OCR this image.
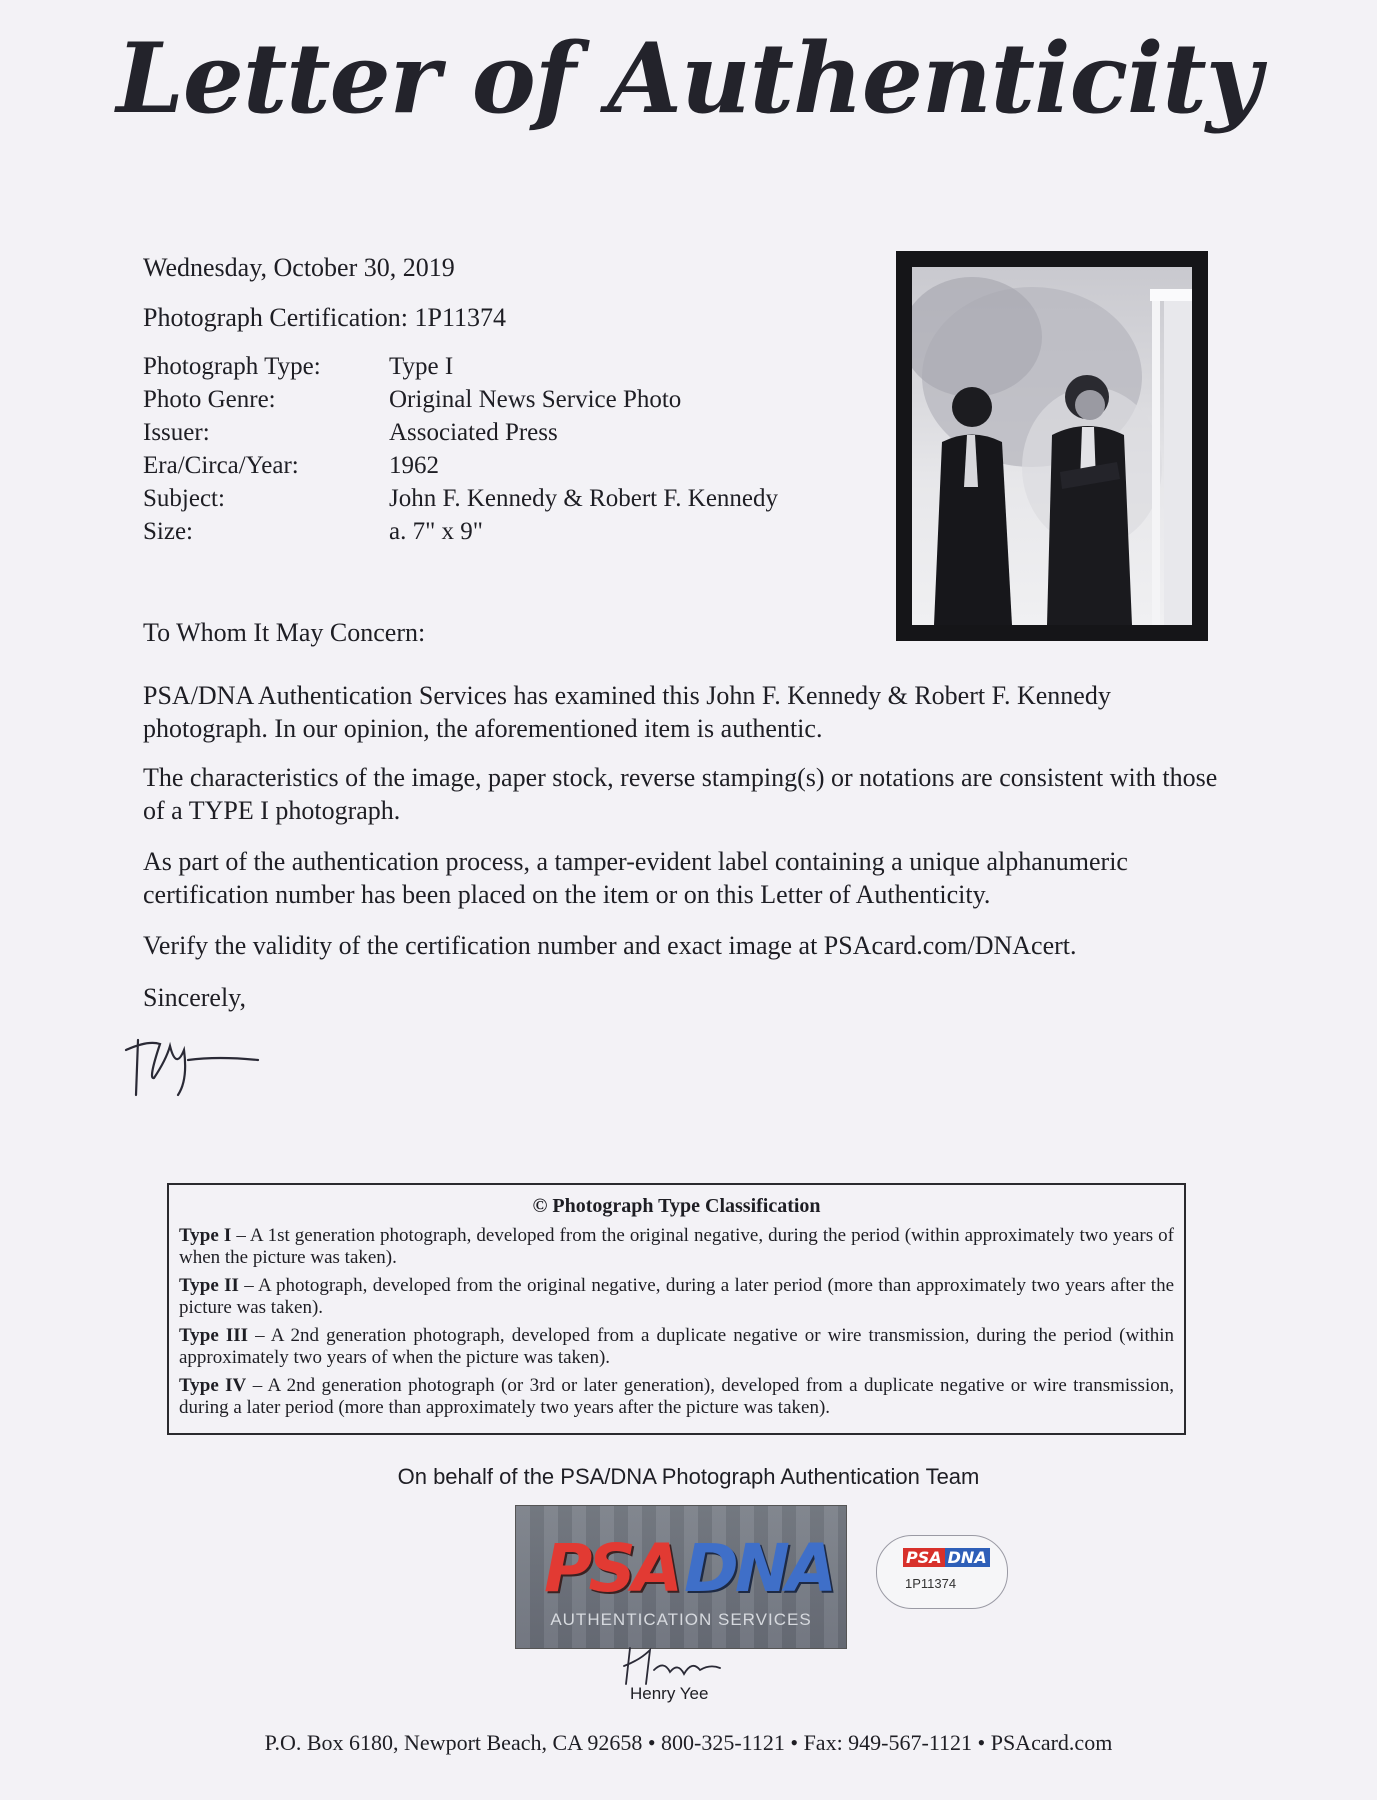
Letter of Authenticity
Wednesday, October 30, 2019
Photograph Certification: 1P11374
Photograph Type:	Type I
Photo Genre:	Original News Service Photo
Issuer:	Associated Press
Era/Circa/Year:	1962
Subject:	John F. Kennedy & Robert F. Kennedy
Size:	a. 7" x 9"
To Whom It May Concern:
PSA/DNA Authentication Services has examined this John F. Kennedy & Robert F. Kennedy photograph. In our opinion, the aforementioned item is authentic.
The characteristics of the image, paper stock, reverse stamping(s) or notations are consistent with those of a TYPE I photograph.
As part of the authentication process, a tamper-evident label containing a unique alphanumeric certification number has been placed on the item or on this Letter of Authenticity.
Verify the validity of the certification number and exact image at PSAcard.com/DNAcert.
Sincerely,
© Photograph Type Classification
Type I – A 1st generation photograph, developed from the original negative, during the period (within approximately two years of when the picture was taken).
Type II – A photograph, developed from the original negative, during a later period (more than approximately two years after the picture was taken).
Type III – A 2nd generation photograph, developed from a duplicate negative or wire transmission, during the period (within approximately two years of when the picture was taken).
Type IV – A 2nd generation photograph (or 3rd or later generation), developed from a duplicate negative or wire transmission, during a later period (more than approximately two years after the picture was taken).
On behalf of the PSA/DNA Photograph Authentication Team
PSA DNA
AUTHENTICATION SERVICES
PSA DNA
1P11374
Henry Yee
P.O. Box 6180, Newport Beach, CA 92658 • 800-325-1121 • Fax: 949-567-1121 • PSAcard.com
